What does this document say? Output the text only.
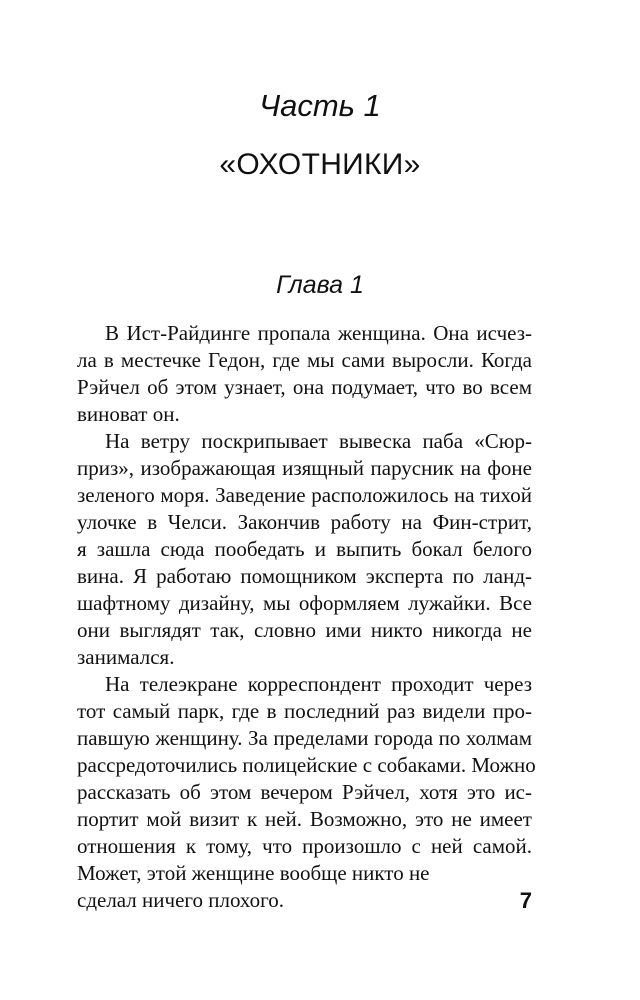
Часть 1
«ОХОТНИКИ»
Глава 1
В Ист-Райдинге пропала женщина. Она исчез-
ла в местечке Гедон, где мы сами выросли. Когда
Рэйчел об этом узнает, она подумает, что во всем
виноват он.
На ветру поскрипывает вывеска паба «Сюр-
приз», изображающая изящный парусник на фоне
зеленого моря. Заведение расположилось на тихой
улочке в Челси. Закончив работу на Фин-стрит,
я зашла сюда пообедать и выпить бокал белого
вина. Я работаю помощником эксперта по ланд-
шафтному дизайну, мы оформляем лужайки. Все
они выглядят так, словно ими никто никогда не
занимался.
На телеэкране корреспондент проходит через
тот самый парк, где в последний раз видели про-
павшую женщину. За пределами города по холмам
рассредоточились полицейские с собаками. Можно
рассказать об этом вечером Рэйчел, хотя это ис-
портит мой визит к ней. Возможно, это не имеет
отношения к тому, что произошло с ней самой.
Может, этой женщине вообще никто не
сделал ничего плохого.	7
